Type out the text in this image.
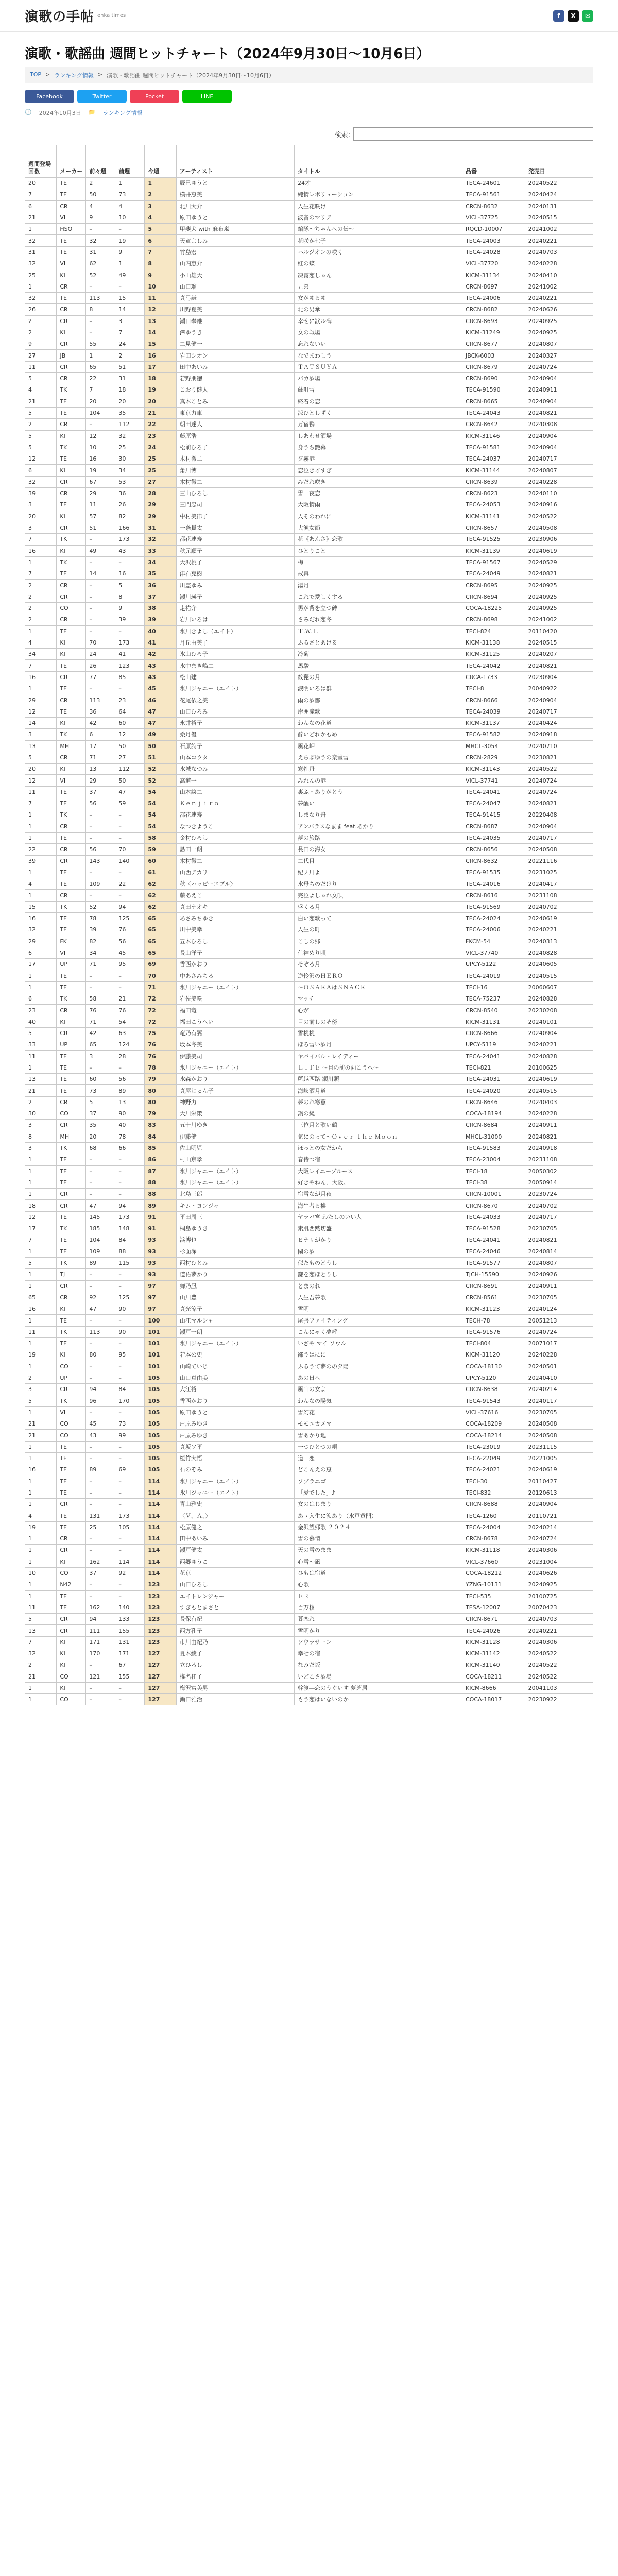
演歌の手帖 enka times	f	X	✉
演歌・歌謡曲 週間ヒットチャート（2024年9月30日〜10月6日）
TOP > ランキング情報 > 演歌・歌謡曲 週間ヒットチャート（2024年9月30日〜10月6日）
Facebook	Twitter	Pocket	LINE
🕓 2024年10月3日 📁 ランキング情報
検索:
週間登場回数	メーカー	前々週	前週	今週	アーティスト	タイトル	品番	発売日
20	TE	2	1	1	辰巳ゆうと	24才	TECA-24601	20240522
7	TE	50	73	2	横井恵美	純情レボリューション	TECA-91561	20240424
6	CR	4	4	3	北川大介	人生花咲け	CRCN-8632	20240131
21	VI	9	10	4	原田ゆうと	波音のマリア	VICL-37725	20240515
1	HSO	–	–	5	甲斐犬 with 麻布嵐	編隊～ちゃんへの伝〜	RQCD-10007	20241002
32	TE	32	19	6	天童よしみ	花咲か七子	TECA-24003	20240221
31	TE	31	9	7	竹島宏	ハルジオンの咲く	TECA-24028	20240703
32	VI	62	1	8	山内惠介	紅の蝶	VICL-37720	20240228
25	KI	52	49	9	小山雄大	凍霧恋しゃん	KICM-31134	20240410
1	CR	–	–	10	山口瑠	兄弟	CRCN-8697	20241002
32	TE	113	15	11	真弓謙	女がゆるゆ	TECA-24006	20240221
26	CR	8	14	12	川野夏美	北の男傘	CRCN-8682	20240626
2	CR	–	3	13	瀬口奉雄	幸せに涙ル碑	CRCN-8693	20240925
2	KI	–	7	14	澤ゆうき	女の戦場	KICM-31249	20240925
9	CR	55	24	15	二見健一	忘れないい	CRCN-8677	20240807
27	JB	1	2	16	岩田シオン	なでまわしう	JBCK-6003	20240327
11	CR	65	51	17	田中あいみ	ＴＡＴＳＵＹＡ	CRCN-8679	20240724
5	CR	22	31	18	若野朋徳	バカ酒場	CRCN-8690	20240904
4	TK	7	18	19	こおり健太	蔵町雪	TECA-91590	20240911
21	TE	20	20	20	真木ことみ	終着の恋	CRCN-8665	20240904
5	TE	104	35	21	東京力車	涼ひとしずく	TECA-24043	20240821
2	CR	–	112	22	朝田達人	万宿鴨	CRCN-8642	20240308
5	KI	12	32	23	藤原浩	しあわせ酒場	KICM-31146	20240904
5	TK	10	25	24	松前ひろ子	身うち艶幕	TECA-91581	20240904
12	TE	16	30	25	木村徹二	夕霧港	TECA-24037	20240717
6	KI	19	34	25	角川博	恋泣き才すぎ	KICM-31144	20240807
32	CR	67	53	27	木村徹二	みだれ咲き	CRCN-8639	20240228
39	CR	29	36	28	三山ひろし	雪一夜恋	CRCN-8623	20240110
3	TE	11	26	29	三門忠司	大阪情雨	TECA-24053	20240916
20	KI	57	82	29	中村美律子	人そのわれに	KICM-31141	20240522
3	CR	51	166	31	一条貫太	大漁女節	CRCN-8657	20240508
7	TK	–	173	32	都花連寿	花《あんさ》恋歌	TECA-91525	20230906
16	KI	49	43	33	秋元順子	ひとりこと	KICM-31139	20240619
1	TK	–	–	34	大沢桃子	梅	TECA-91567	20240529
7	TE	14	16	35	津石克樹	戒真	TECA-24049	20240821
2	CR	–	5	36	川霊ゆみ	湯月	CRCN-8695	20240925
2	CR	–	8	37	瀬川瑛子	これで愛しくする	CRCN-8694	20240925
2	CO	–	9	38	走祐介	男が背を立つ碑	COCA-18225	20240925
2	CR	–	39	39	岩川いろは	さみだれ恋冬	CRCN-8698	20241002
1	TE	–	–	40	氷川きよし（エイト）	Ｔ.Ｗ.Ｌ	TECI-824	20110420
4	KI	70	173	41	月丘由美子	ふるさとあける	KICM-31138	20240515
34	KI	24	41	42	氷山ひろ子	冷菊	KICM-31125	20240207
7	TE	26	123	43	水中まき嶋二	馬駿	TECA-24042	20240821
16	CR	77	85	43	松山建	紋琵の月	CRCA-1733	20230904
1	TE	–	–	45	氷川ジャニー（エイト）	涙明いろは群	TECI-8	20040922
29	CR	113	23	46	花尾依之美	雨の酒都	CRCN-8666	20240904
12	TE	36	64	47	山口ひろみ	岸囲滝歌	TECA-24039	20240717
14	KI	42	60	47	永井裕子	わんなの花道	KICM-31137	20240424
3	TK	6	12	49	桑月優	酔いどれかもめ	TECA-91582	20240918
13	MH	17	50	50	石原詢子	風花岬	MHCL-3054	20240710
5	CR	71	27	51	山本コウタ	えらぶゆうの楽堂雪	CRCN-2829	20230821
20	KI	13	112	52	水城なつみ	寒牡丹	KICM-31143	20240522
12	VI	29	50	52	高道一	みれんの港	VICL-37741	20240724
11	TE	37	47	54	山本譲二	裏ふ・ありがとう	TECA-24041	20240724
7	TE	56	59	54	Ｋｅｎｊｉｒｏ	夢醒い	TECA-24047	20240821
1	TK	–	–	54	都花連寿	しまなり舟	TECA-91415	20220408
1	CR	–	–	54	なつきようこ	アンバラスなまま feat.あかり	CRCN-8687	20240904
1	TE	–	–	58	金村ひろし	夢の旅路	TECA-24035	20240717
22	CR	56	70	59	島田一朗	長田の海女	CRCN-8656	20240508
39	CR	143	140	60	木村徹二	二代目	CRCN-8632	20221116
1	TE	–	–	61	山西アカリ	紀ノ川よ	TECA-91535	20231025
4	TE	109	22	62	秋〈ハッピーエブル〉	水母ちのだけり	TECA-24016	20240417
1	CR	–	–	62	藤あえこ	完泣よしゃれ女唄	CRCN-8616	20231108
15	TK	52	94	62	真田ナオキ	盛くる月	TECA-91569	20240702
16	TE	78	125	65	あさみちゆき	白い恋歌って	TECA-24024	20240619
32	TE	39	76	65	川中美幸	人生の町	TECA-24006	20240221
29	FK	82	56	65	五木ひろし	こしの郷	FKCM-54	20240313
6	VI	34	45	65	長山洋子	仕神めり唄	VICL-37740	20240828
17	UP	71	95	69	香西かおり	そぞろ月	UPCY-5122	20240605
1	TE	–	–	70	中あさみちる	逆怜沢のＨＥＲＯ	TECA-24019	20240515
1	TE	–	–	71	氷川ジャニー（エイト）	〜ＯＳＡＫＡはＳＮＡＣＫ	TECI-16	20060607
6	TK	58	21	72	岩佐美咲	マッチ	TECA-75237	20240828
23	CR	76	76	72	福田竜	心が	CRCN-8540	20230208
40	KI	71	54	72	福田こうへい	目の前しのそ傍	KICM-31131	20240101
5	CR	42	63	75	竜乃有翼	雪桃桃	CRCN-8666	20240904
33	UP	65	124	76	坂本冬美	ほろ雪い酒月	UPCY-5119	20240221
11	TE	3	28	76	伊藤美司	ヤバイバル・レイディー	TECA-24041	20240828
1	TE	–	–	78	氷川ジャニー（エイト）	ＬＩＦＥ 〜目の前の向こうへ〜	TECI-821	20100625
13	TE	60	56	79	水森かおり	藍越西路 瀬川頭	TECA-24031	20240619
21	TE	73	89	80	真屋じゅん子	海峡洒月道	TECA-24020	20240515
2	CR	5	13	80	神野力	夢のれ寒薫	CRCN-8646	20240403
30	CO	37	90	79	大川栄策	鍋の縄	COCA-18194	20240228
3	CR	35	40	83	五十川ゆき	三位月と歌い鶴	CRCN-8684	20240911
8	MH	20	78	84	伊藤健	気にのって〜Ｏｖｅｒ ｔｈｅ Ｍｏｏｎ	MHCL-31000	20240821
3	TK	68	66	85	佐山明児	ほっとの女だから	TECA-91583	20240918
1	TE	–	–	86	村山京孝	春待つ宿	TECA-23004	20231108
1	TE	–	–	87	氷川ジャニー（エイト）	大阪レイニーブルース	TECI-18	20050302
1	TE	–	–	88	氷川ジャニー（エイト）	好きやねん、大阪。	TECI-38	20050914
1	CR	–	–	88	北島三郎	宿雪なが月夜	CRCN-10001	20230724
18	CR	47	94	89	キム・ヨンジャ	海生者る櫓	CRCN-8670	20240702
12	TE	145	173	91	平田周三	ヤラバ宮 わたしのいい人	TECA-24033	20240717
17	TK	185	148	91	桐島ゆうき	素肌西黙切盛	TECA-91528	20230705
7	TE	104	84	93	浜博也	ヒナリがかり	TECA-24041	20240821
1	TE	109	88	93	杉面深	閑の酒	TECA-24046	20240814
5	TK	89	115	93	西村ひとみ	似たものどうし	TECA-91577	20240807
1	TJ	–	–	93	道祐夢かり	鎌を恋ほとりし	TJCH-15590	20240926
1	CR	–	–	97	舞乃凪	とまのれ	CRCN-8691	20240911
65	CR	92	125	97	山川豊	人生吾夢歌	CRCN-8561	20230705
16	KI	47	90	97	真光涼子	雪明	KICM-31123	20240124
1	TE	–	–	100	山江マルシャ	尾張ファイティング	TECH-78	20051213
11	TK	113	90	101	瀬戸一朗	こんにゃく夢呼	TECA-91576	20240724
1	TE	–	–	101	氷川ジャニー（エイト）	いざや マイ ソウル	TECI-804	20071017
19	KI	80	95	101	若本公史	鄙うはにに	KICM-31120	20240228
1	CO	–	–	101	山崎ていじ	ふるうて夢のの夕陽	COCA-18130	20240501
2	UP	–	–	105	山口真由美	あの日へ	UPCY-5120	20240410
3	CR	94	84	105	大江裕	風山の女よ	CRCN-8638	20240214
5	TK	96	170	105	香西かおり	わんなの陽気	TECA-91543	20240117
1	VI	–	–	105	原田ゆうと	雪幻花	VICL-37616	20230705
21	CO	45	73	105	戸原みゆき	モモユカメマ	COCA-18209	20240508
21	CO	43	99	105	戸原みゆき	雪あかり地	COCA-18214	20240508
1	TE	–	–	105	真坂ソ平	一つひとつの唄	TECA-23019	20231115
1	TE	–	–	105	植竹大悟	道一恋	TECA-22049	20221005
16	TE	89	69	105	石のぞみ	どこんえの恵	TECA-24021	20240619
1	TE	–	–	114	氷川ジャニー（エイト）	ソプラニゴ	TECI-30	20110427
1	TE	–	–	114	氷川ジャニー（エイト）	「愛でした」♪	TECI-832	20120613
1	CR	–	–	114	青山雅史	女のはじまり	CRCN-8688	20240904
4	TE	131	173	114	〈Ｖ、Ａ、〉	あゝ入生に涙あり（水戸黄門）	TECA-1260	20110721
19	TE	25	105	114	松原健之	金沢望郷歌 ２０２４	TECA-24004	20240214
1	CR	–	–	114	田中あいみ	雪の慕情	CRCN-8678	20240724
1	CR	–	–	114	瀬戸健太	天の雪のまま	KICM-31118	20240306
1	KI	162	114	114	西郷ゆうこ	心雪〜凪	VICL-37660	20231004
10	CO	37	92	114	花京	ひもは宿道	COCA-18212	20240626
1	N42	–	–	123	山口ひろし	心歌	YZNG-10131	20240925
1	TE	–	–	123	エイトレンジャー	ＥＲ	TECI-535	20100725
11	TE	162	140	123	すぎもとまさと	百万桜	TESA-12007	20070423
5	CR	94	133	123	長保有紀	暮恋れ	CRCN-8671	20240703
13	CR	111	155	123	西方孔子	雪明かり	TECA-24026	20240221
7	KI	171	131	123	市川由紀乃	ソウラサーン	KICM-31128	20240306
32	KI	170	171	127	夏木綾子	幸せの宿	KICM-31142	20240522
2	KI	–	67	127	立ひろし	なみだ坂	KICM-31140	20240522
21	CO	121	155	127	権名桂子	いどこさ酒場	COCA-18211	20240522
1	KI	–	–	127	梅沢富美男	幹渡―恋のうぐいす 夢芝居	KICM-8666	20041103
1	CO	–	–	127	瀬口雅治	もう恋はいないのか	COCA-18017	20230922
